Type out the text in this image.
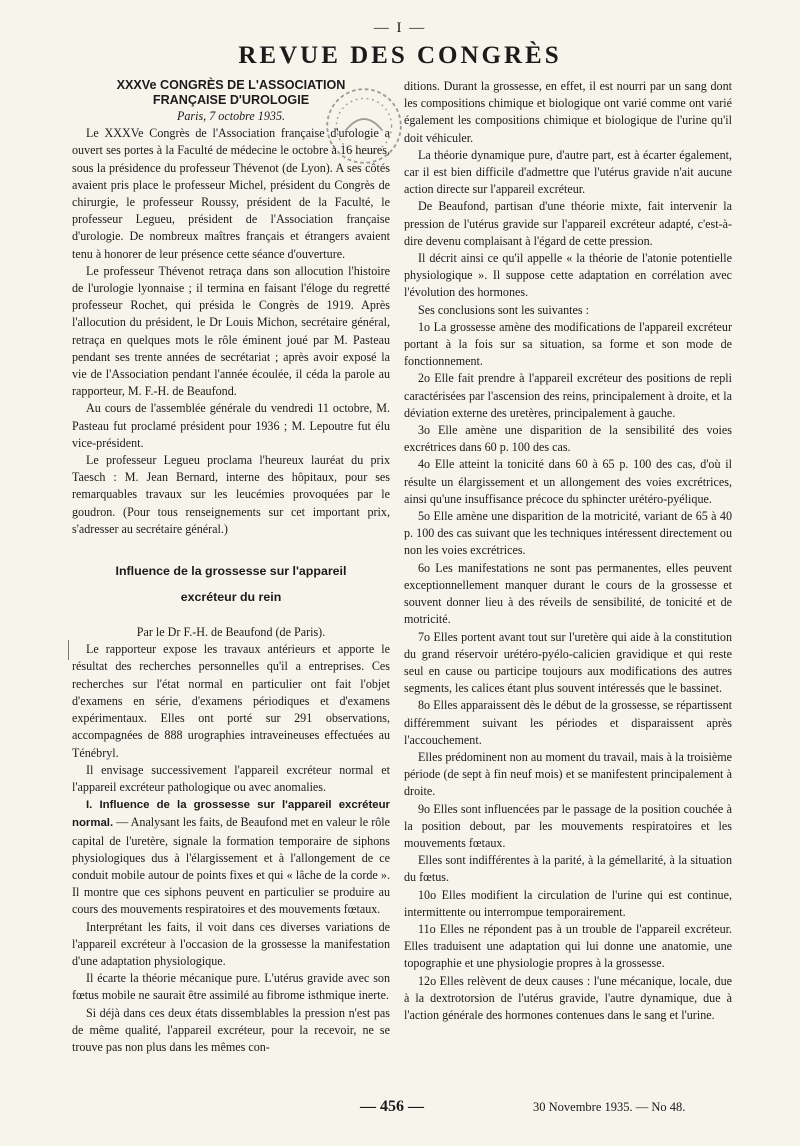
— I —
REVUE DES CONGRÈS

XXXVe CONGRÈS DE L'ASSOCIATION

FRANÇAISE D'UROLOGIE

Paris, 7 octobre 1935.

Le XXXVe Congrès de l'Association française d'urologie a ouvert ses portes à la Faculté de médecine le octobre à 16 heures, sous la présidence du professeur Thévenot (de Lyon). A ses côtés avaient pris place le professeur Michel, président du Congrès de chirurgie, le professeur Roussy, président de la Faculté, le professeur Legueu, président de l'Association française d'urologie. De nombreux maîtres français et étrangers avaient tenu à honorer de leur présence cette séance d'ouverture.

Le professeur Thévenot retraça dans son allocution l'histoire de l'urologie lyonnaise ; il termina en faisant l'éloge du regretté professeur Rochet, qui présida le Congrès de 1919. Après l'allocution du président, le Dr Louis Michon, secrétaire général, retraça en quelques mots le rôle éminent joué par M. Pasteau pendant ses trente années de secrétariat ; après avoir exposé la vie de l'Association pendant l'année écoulée, il céda la parole au rapporteur, M. F.-H. de Beaufond.

Au cours de l'assemblée générale du vendredi 11 octobre, M. Pasteau fut proclamé président pour 1936 ; M. Lepoutre fut élu vice-président.

Le professeur Legueu proclama l'heureux lauréat du prix Taesch : M. Jean Bernard, interne des hôpitaux, pour ses remarquables travaux sur les leucémies provoquées par le goudron. (Pour tous renseignements sur cet important prix, s'adresser au secrétaire général.)

Influence de la grossesse sur l'appareil
excréteur du rein

Par le Dr F.-H. de Beaufond (de Paris).

Le rapporteur expose les travaux antérieurs et apporte le résultat des recherches personnelles qu'il a entreprises. Ces recherches sur l'état normal en particulier ont fait l'objet d'examens en série, d'examens périodiques et d'examens expérimentaux. Elles ont porté sur 291 observations, accompagnées de 888 urographies intraveineuses effectuées au Ténébryl.

Il envisage successivement l'appareil excréteur normal et l'appareil excréteur pathologique ou avec anomalies.

I. Influence de la grossesse sur l'appareil excréteur normal. — Analysant les faits, de Beaufond met en valeur le rôle capital de l'uretère, signale la formation temporaire de siphons physiologiques dus à l'élargissement et à l'allongement de ce conduit mobile autour de points fixes et qui « lâche de la corde ». Il montre que ces siphons peuvent en particulier se produire au cours des mouvements respiratoires et des mouvements fœtaux.

Interprétant les faits, il voit dans ces diverses variations de l'appareil excréteur à l'occasion de la grossesse la manifestation d'une adaptation physiologique.

Il écarte la théorie mécanique pure. L'utérus gravide avec son fœtus mobile ne saurait être assimilé au fibrome isthmique inerte.

Si déjà dans ces deux états dissemblables la pression n'est pas de même qualité, l'appareil excréteur, pour la recevoir, ne se trouve pas non plus dans les mêmes con-

ditions. Durant la grossesse, en effet, il est nourri par un sang dont les compositions chimique et biologique ont varié comme ont varié également les compositions chimique et biologique de l'urine qu'il doit véhiculer.

La théorie dynamique pure, d'autre part, est à écarter également, car il est bien difficile d'admettre que l'utérus gravide n'ait aucune action directe sur l'appareil excréteur.

De Beaufond, partisan d'une théorie mixte, fait intervenir la pression de l'utérus gravide sur l'appareil excréteur adapté, c'est-à-dire devenu complaisant à l'égard de cette pression.

Il décrit ainsi ce qu'il appelle « la théorie de l'atonie potentielle physiologique ». Il suppose cette adaptation en corrélation avec l'évolution des hormones.

Ses conclusions sont les suivantes :

1o La grossesse amène des modifications de l'appareil excréteur portant à la fois sur sa situation, sa forme et son mode de fonctionnement.

2o Elle fait prendre à l'appareil excréteur des positions de repli caractérisées par l'ascension des reins, principalement à droite, et la déviation externe des uretères, principalement à gauche.

3o Elle amène une disparition de la sensibilité des voies excrétrices dans 60 p. 100 des cas.

4o Elle atteint la tonicité dans 60 à 65 p. 100 des cas, d'où il résulte un élargissement et un allongement des voies excrétrices, ainsi qu'une insuffisance précoce du sphincter urétéro-pyélique.

5o Elle amène une disparition de la motricité, variant de 65 à 40 p. 100 des cas suivant que les techniques intéressent directement ou non les voies excrétrices.

6o Les manifestations ne sont pas permanentes, elles peuvent exceptionnellement manquer durant le cours de la grossesse et souvent donner lieu à des réveils de sensibilité, de tonicité et de motricité.

7o Elles portent avant tout sur l'uretère qui aide à la constitution du grand réservoir urétéro-pyélo-calicien gravidique et qui reste seul en cause ou participe toujours aux modifications des autres segments, les calices étant plus souvent intéressés que le bassinet.

8o Elles apparaissent dès le début de la grossesse, se répartissent différemment suivant les périodes et disparaissent après l'accouchement.

Elles prédominent non au moment du travail, mais à la troisième période (de sept à fin neuf mois) et se manifestent principalement à droite.

9o Elles sont influencées par le passage de la position couchée à la position debout, par les mouvements respiratoires et les mouvements fœtaux.

Elles sont indifférentes à la parité, à la gémellarité, à la situation du fœtus.

10o Elles modifient la circulation de l'urine qui est continue, intermittente ou interrompue temporairement.

11o Elles ne répondent pas à un trouble de l'appareil excréteur. Elles traduisent une adaptation qui lui donne une anatomie, une topographie et une physiologie propres à la grossesse.

12o Elles relèvent de deux causes : l'une mécanique, locale, due à la dextrotorsion de l'utérus gravide, l'autre dynamique, due à l'action générale des hormones contenues dans le sang et l'urine.

— 456 —	30 Novembre 1935. — No 48.
